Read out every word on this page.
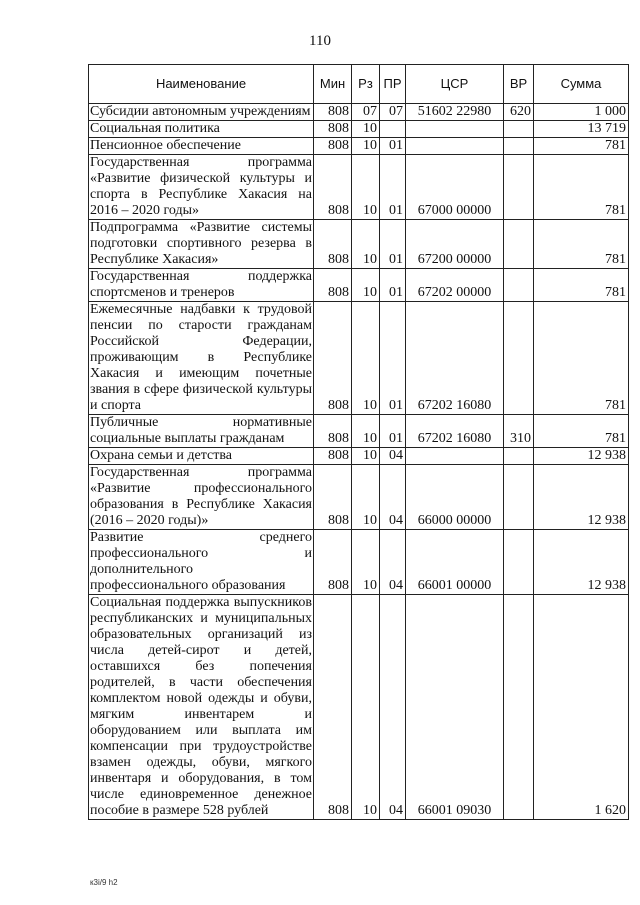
110
Наименование	Мин	Рз	ПР	ЦСР	ВР	Сумма
Субсидии автономным учреждениям	808	07	07	51602 22980	620	1 000
Социальная политика	808	10				13 719
Пенсионное обеспечение	808	10	01			781
Государственная программа «Развитие физической культуры и спорта в Республике Хакасия на 2016 – 2020 годы»	808	10	01	67000 00000		781
Подпрограмма «Развитие системы подготовки спортивного резерва в Республике Хакасия»	808	10	01	67200 00000		781
Государственная поддержка спортсменов и тренеров	808	10	01	67202 00000		781
Ежемесячные надбавки к трудовой пенсии по старости гражданам Российской Федерации, проживающим в Республике Хакасия и имеющим почетные звания в сфере физической культуры и спорта	808	10	01	67202 16080		781
Публичные нормативные социальные выплаты гражданам	808	10	01	67202 16080	310	781
Охрана семьи и детства	808	10	04			12 938
Государственная программа «Развитие профессионального образования в Республике Хакасия (2016 – 2020 годы)»	808	10	04	66000 00000		12 938
Развитие среднего профессионального и дополнительного профессионального образования	808	10	04	66001 00000		12 938
Социальная поддержка выпускников республиканских и муниципальных образовательных организаций из числа детей-сирот и детей, оставшихся без попечения родителей, в части обеспечения комплектом новой одежды и обуви, мягким инвентарем и оборудованием или выплата им компенсации при трудоустройстве взамен одежды, обуви, мягкого инвентаря и оборудования, в том числе единовременное денежное пособие в размере 528 рублей	808	10	04	66001 09030		1 620
к3i/9 h2
